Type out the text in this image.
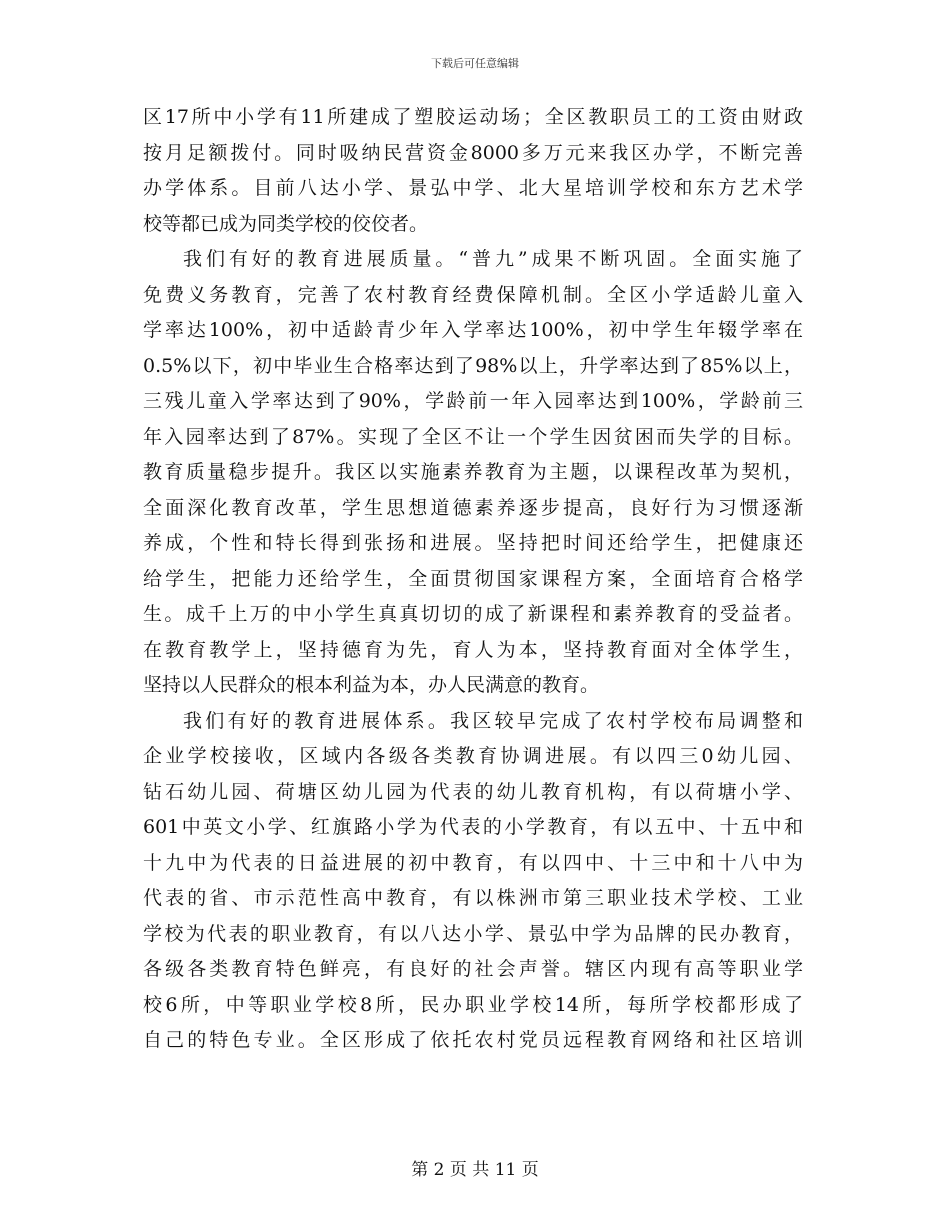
下载后可任意编辑
区17所中小学有11所建成了塑胶运动场；全区教职员工的工资由财政
按月足额拨付。同时吸纳民营资金8000多万元来我区办学，不断完善
办学体系。目前八达小学、景弘中学、北大星培训学校和东方艺术学
校等都已成为同类学校的佼佼者。
我们有好的教育进展质量。“普九”成果不断巩固。全面实施了
免费义务教育，完善了农村教育经费保障机制。全区小学适龄儿童入
学率达100%，初中适龄青少年入学率达100%，初中学生年辍学率在
0.5%以下，初中毕业生合格率达到了98%以上，升学率达到了85%以上，
三残儿童入学率达到了90%，学龄前一年入园率达到100%，学龄前三
年入园率达到了87%。实现了全区不让一个学生因贫困而失学的目标。
教育质量稳步提升。我区以实施素养教育为主题，以课程改革为契机，
全面深化教育改革，学生思想道德素养逐步提高，良好行为习惯逐渐
养成，个性和特长得到张扬和进展。坚持把时间还给学生，把健康还
给学生，把能力还给学生，全面贯彻国家课程方案，全面培育合格学
生。成千上万的中小学生真真切切的成了新课程和素养教育的受益者。
在教育教学上，坚持德育为先，育人为本，坚持教育面对全体学生，
坚持以人民群众的根本利益为本，办人民满意的教育。
我们有好的教育进展体系。我区较早完成了农村学校布局调整和
企业学校接收，区域内各级各类教育协调进展。有以四三0幼儿园、
钻石幼儿园、荷塘区幼儿园为代表的幼儿教育机构，有以荷塘小学、
601中英文小学、红旗路小学为代表的小学教育，有以五中、十五中和
十九中为代表的日益进展的初中教育，有以四中、十三中和十八中为
代表的省、市示范性高中教育，有以株洲市第三职业技术学校、工业
学校为代表的职业教育，有以八达小学、景弘中学为品牌的民办教育，
各级各类教育特色鲜亮，有良好的社会声誉。辖区内现有高等职业学
校6所，中等职业学校8所，民办职业学校14所，每所学校都形成了
自己的特色专业。全区形成了依托农村党员远程教育网络和社区培训
第 2 页 共 11 页
